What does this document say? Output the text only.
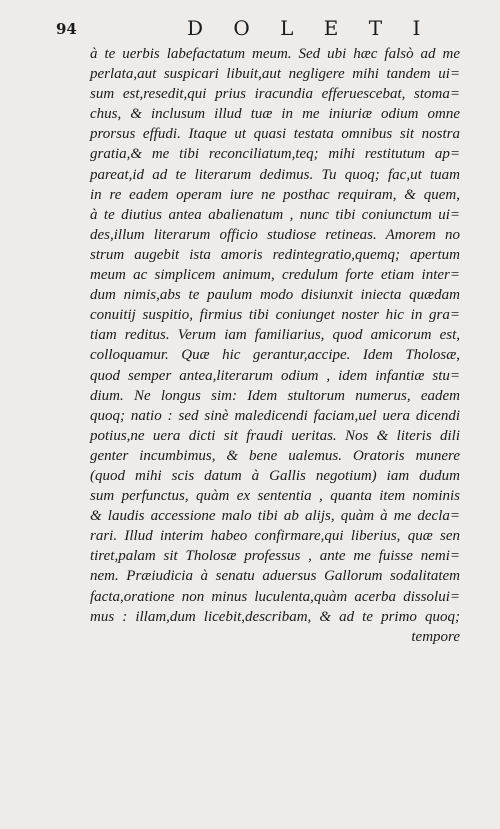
94	D O L E T I
à te uerbis labefactatum meum. Sed ubi hæc falsò ad me
perlata,aut suspicari libuit,aut negligere mihi tandem ui=
sum est,resedit,qui prius iracundia efferuescebat, stoma=
chus, & inclusum illud tuæ in me iniuriæ odium omne
prorsus effudi. Itaque ut quasi testata omnibus sit nostra
gratia,& me tibi reconciliatum,teq; mihi restitutum ap=
pareat,id ad te literarum dedimus. Tu quoq; fac,ut tuam
in re eadem operam iure ne posthac requiram, & quem,
à te diutius antea abalienatum , nunc tibi coniunctum ui=
des,illum literarum officio studiose retineas. Amorem no
strum augebit ista amoris redintegratio,quemq; apertum
meum ac simplicem animum, credulum forte etiam inter=
dum nimis,abs te paulum modo disiunxit iniecta quædam
conuitij suspitio, firmius tibi coniunget noster hic in gra=
tiam reditus. Verum iam familiarius, quod amicorum est,
colloquamur. Quæ hic gerantur,accipe. Idem Tholosæ,
quod semper antea,literarum odium , idem infantiæ stu=
dium. Ne longus sim: Idem stultorum numerus, eadem
quoq; natio : sed sinè maledicendi faciam,uel uera dicendi
potius,ne uera dicti sit fraudi ueritas. Nos & literis dili
genter incumbimus, & bene ualemus. Oratoris munere
(quod mihi scis datum à Gallis negotium) iam dudum
sum perfunctus, quàm ex sententia , quanta item nominis
& laudis accessione malo tibi ab alijs, quàm à me decla=
rari. Illud interim habeo confirmare,qui liberius, quæ sen
tiret,palam sit Tholosæ professus , ante me fuisse nemi=
nem. Præiudicia à senatu aduersus Gallorum sodalitatem
facta,oratione non minus luculenta,quàm acerba dissolui=
mus : illam,dum licebit,describam, & ad te primo quoq;
tempore
